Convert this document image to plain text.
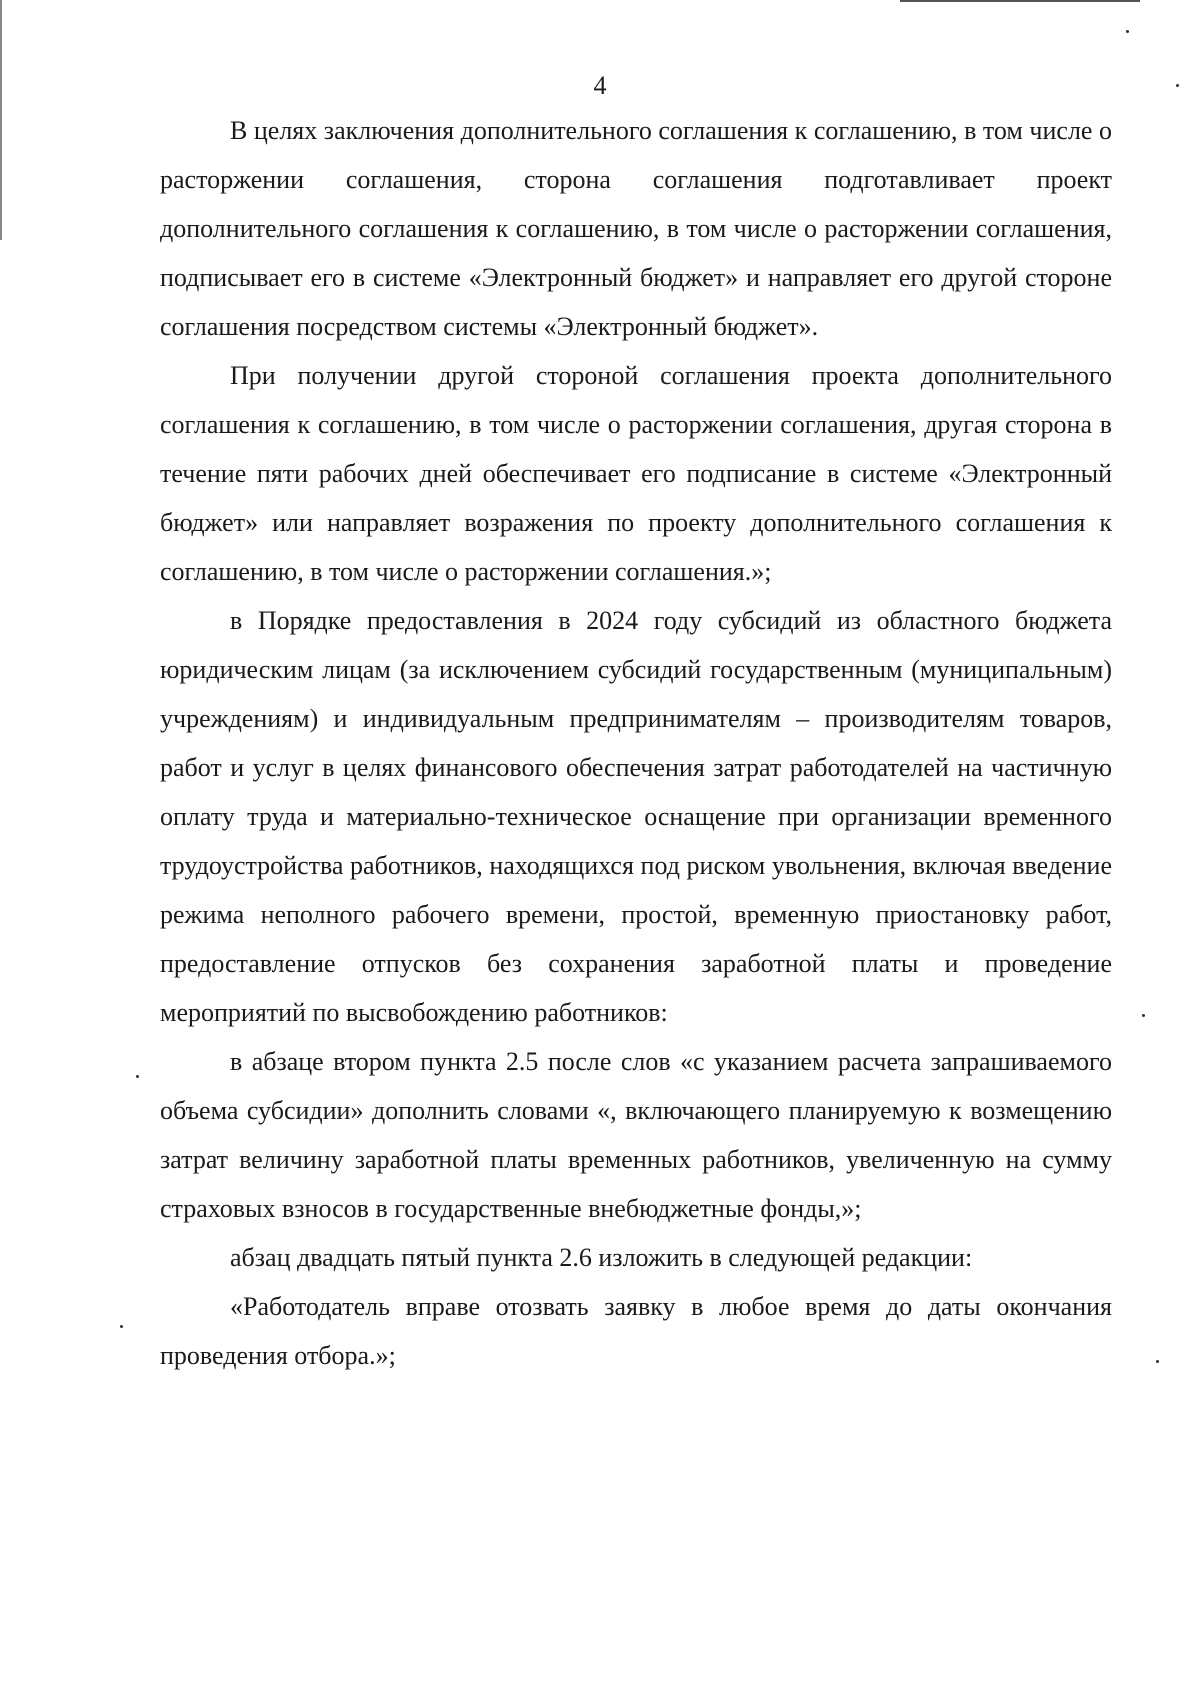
4

В целях заключения дополнительного соглашения к соглашению, в том числе о расторжении соглашения, сторона соглашения подготавливает проект дополнительного соглашения к соглашению, в том числе о расторжении соглашения, подписывает его в системе «Электронный бюджет» и направляет его другой стороне соглашения посредством системы «Электронный бюджет».

При получении другой стороной соглашения проекта дополнительного соглашения к соглашению, в том числе о расторжении соглашения, другая сторона в течение пяти рабочих дней обеспечивает его подписание в системе «Электронный бюджет» или направляет возражения по проекту дополнительного соглашения к соглашению, в том числе о расторжении соглашения.»;

в Порядке предоставления в 2024 году субсидий из областного бюджета юридическим лицам (за исключением субсидий государственным (муниципальным) учреждениям) и индивидуальным предпринимателям – производителям товаров, работ и услуг в целях финансового обеспечения затрат работодателей на частичную оплату труда и материально-техническое оснащение при организации временного трудоустройства работников, находящихся под риском увольнения, включая введение режима неполного рабочего времени, простой, временную приостановку работ, предоставление отпусков без сохранения заработной платы и проведение мероприятий по высвобождению работников:

в абзаце втором пункта 2.5 после слов «с указанием расчета запрашиваемого объема субсидии» дополнить словами «, включающего планируемую к возмещению затрат величину заработной платы временных работников, увеличенную на сумму страховых взносов в государственные внебюджетные фонды,»;

абзац двадцать пятый пункта 2.6 изложить в следующей редакции:

«Работодатель вправе отозвать заявку в любое время до даты окончания проведения отбора.»;
